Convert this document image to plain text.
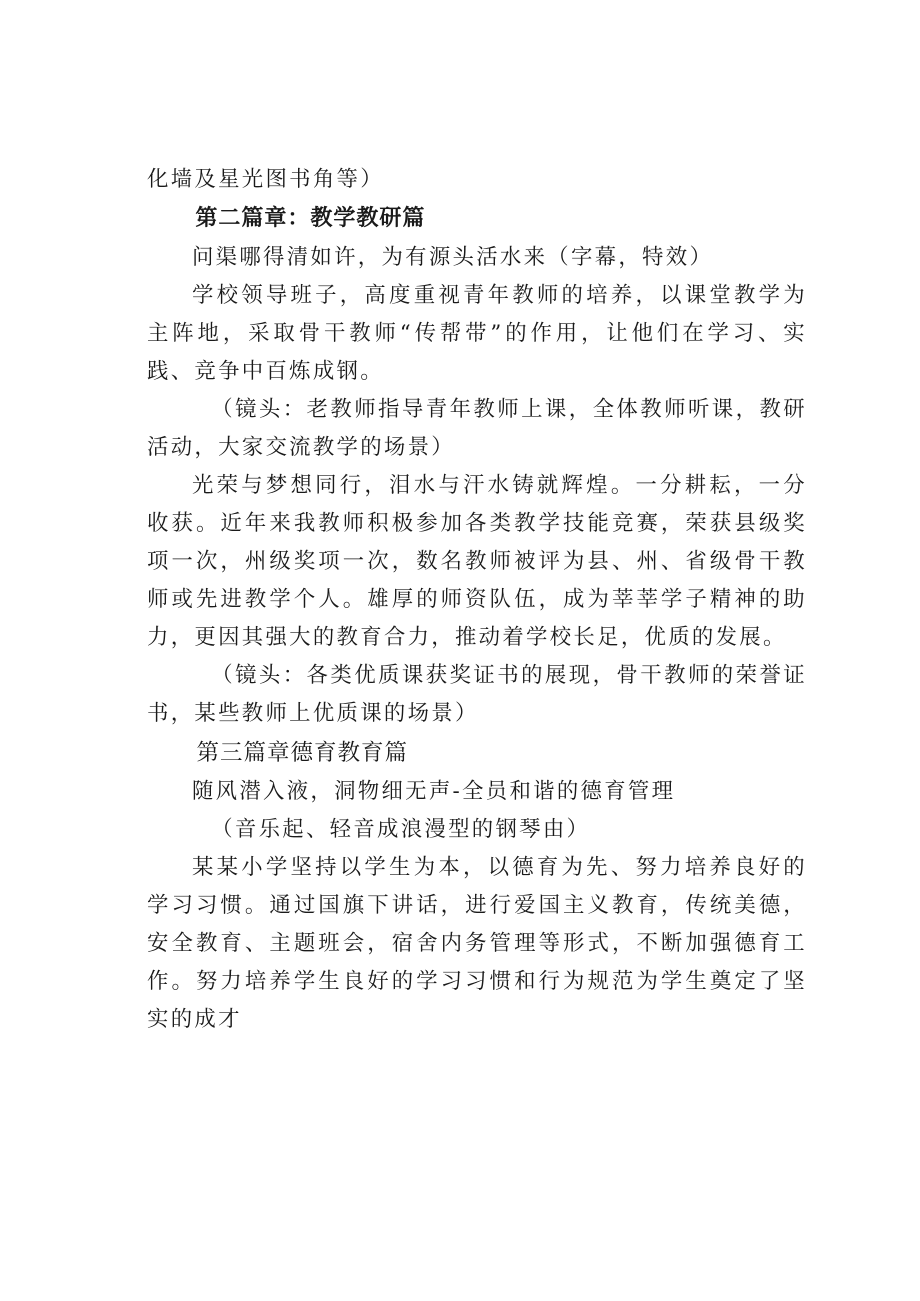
化墙及星光图书角等）

第二篇章：教学教研篇

问渠哪得清如许，为有源头活水来（字幕，特效）

学校领导班子，高度重视青年教师的培养，以课堂教学为主阵地，采取骨干教师“传帮带”的作用，让他们在学习、实践、竞争中百炼成钢。

（镜头：老教师指导青年教师上课，全体教师听课，教研活动，大家交流教学的场景）

光荣与梦想同行，泪水与汗水铸就辉煌。一分耕耘，一分收获。近年来我教师积极参加各类教学技能竞赛，荣获县级奖项一次，州级奖项一次，数名教师被评为县、州、省级骨干教师或先进教学个人。雄厚的师资队伍，成为莘莘学子精神的助力，更因其强大的教育合力，推动着学校长足，优质的发展。

（镜头：各类优质课获奖证书的展现，骨干教师的荣誉证书，某些教师上优质课的场景）

第三篇章德育教育篇

随风潜入液，洞物细无声-全员和谐的德育管理

（音乐起、轻音成浪漫型的钢琴由）

某某小学坚持以学生为本，以德育为先、努力培养良好的学习习惯。通过国旗下讲话，进行爱国主义教育，传统美德，安全教育、主题班会，宿舍内务管理等形式，不断加强德育工作。努力培养学生良好的学习习惯和行为规范为学生奠定了坚实的成才
